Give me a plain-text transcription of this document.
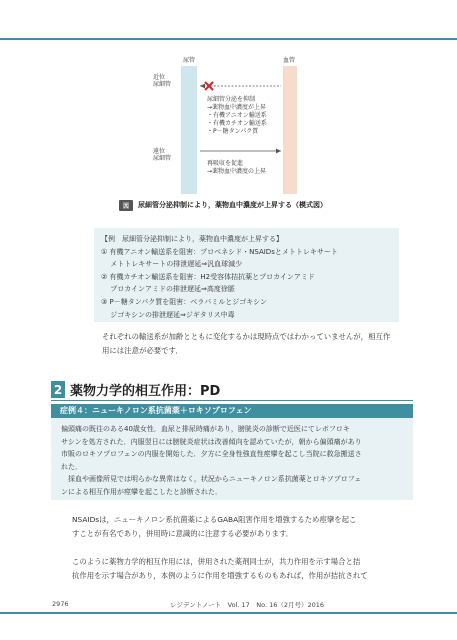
尿管	血管
近位
尿細管
遠位
尿細管
尿細管分泌を抑制
→薬物血中濃度が上昇
・有機アニオン輸送系
・有機カチオン輸送系
・P－糖タンパク質
再吸収を促進
→薬物血中濃度の上昇
図	尿細管分泌抑制により，薬物血中濃度が上昇する（模式図）
【例　尿細管分泌抑制により，薬物血中濃度が上昇する】
① 有機アニオン輸送系を阻害：プロベネシド・NSAIDsとメトトレキサート
　 メトトレキサートの排泄遅延⇒汎血球減少
② 有機カチオン輸送系を阻害：H2受容体拮抗薬とプロカインアミド
　 プロカインアミドの排泄遅延⇒高度徐脈
③ P－糖タンパク質を阻害：ベラパミルとジゴキシン
　 ジゴキシンの排泄遅延⇒ジギタリス中毒
それぞれの輸送系が加齢とともに変化するかは現時点ではわかっていませんが，相互作
用には注意が必要です．
2 薬物力学的相互作用：PD
症例４：ニューキノロン系抗菌薬＋ロキソプロフェン
偏頭痛の既往のある40歳女性．血尿と排尿時痛があり，膀胱炎の診断で近医にてレボフロキ
サシンを処方された．内服翌日には膀胱炎症状は改善傾向を認めていたが，朝から偏頭痛があり
市販のロキソプロフェンの内服を開始した．夕方に全身性強直性痙攣を起こし当院に救急搬送さ
れた．
　採血や画像所見では明らかな異常はなく，状況からニューキノロン系抗菌薬とロキソプロフェ
ンによる相互作用が痙攣を起こしたと診断された．
NSAIDsは，ニューキノロン系抗菌薬によるGABA阻害作用を増強するため痙攣を起こ
すことが有名であり，併用時に意識的に注意する必要があります．
このように薬物力学的相互作用には，併用された薬剤同士が，共力作用を示す場合と拮
抗作用を示す場合があり，本例のように作用を増強するものもあれば，作用が拮抗されて
2976	レジデントノート　Vol. 17　No. 16（2月号）2016
